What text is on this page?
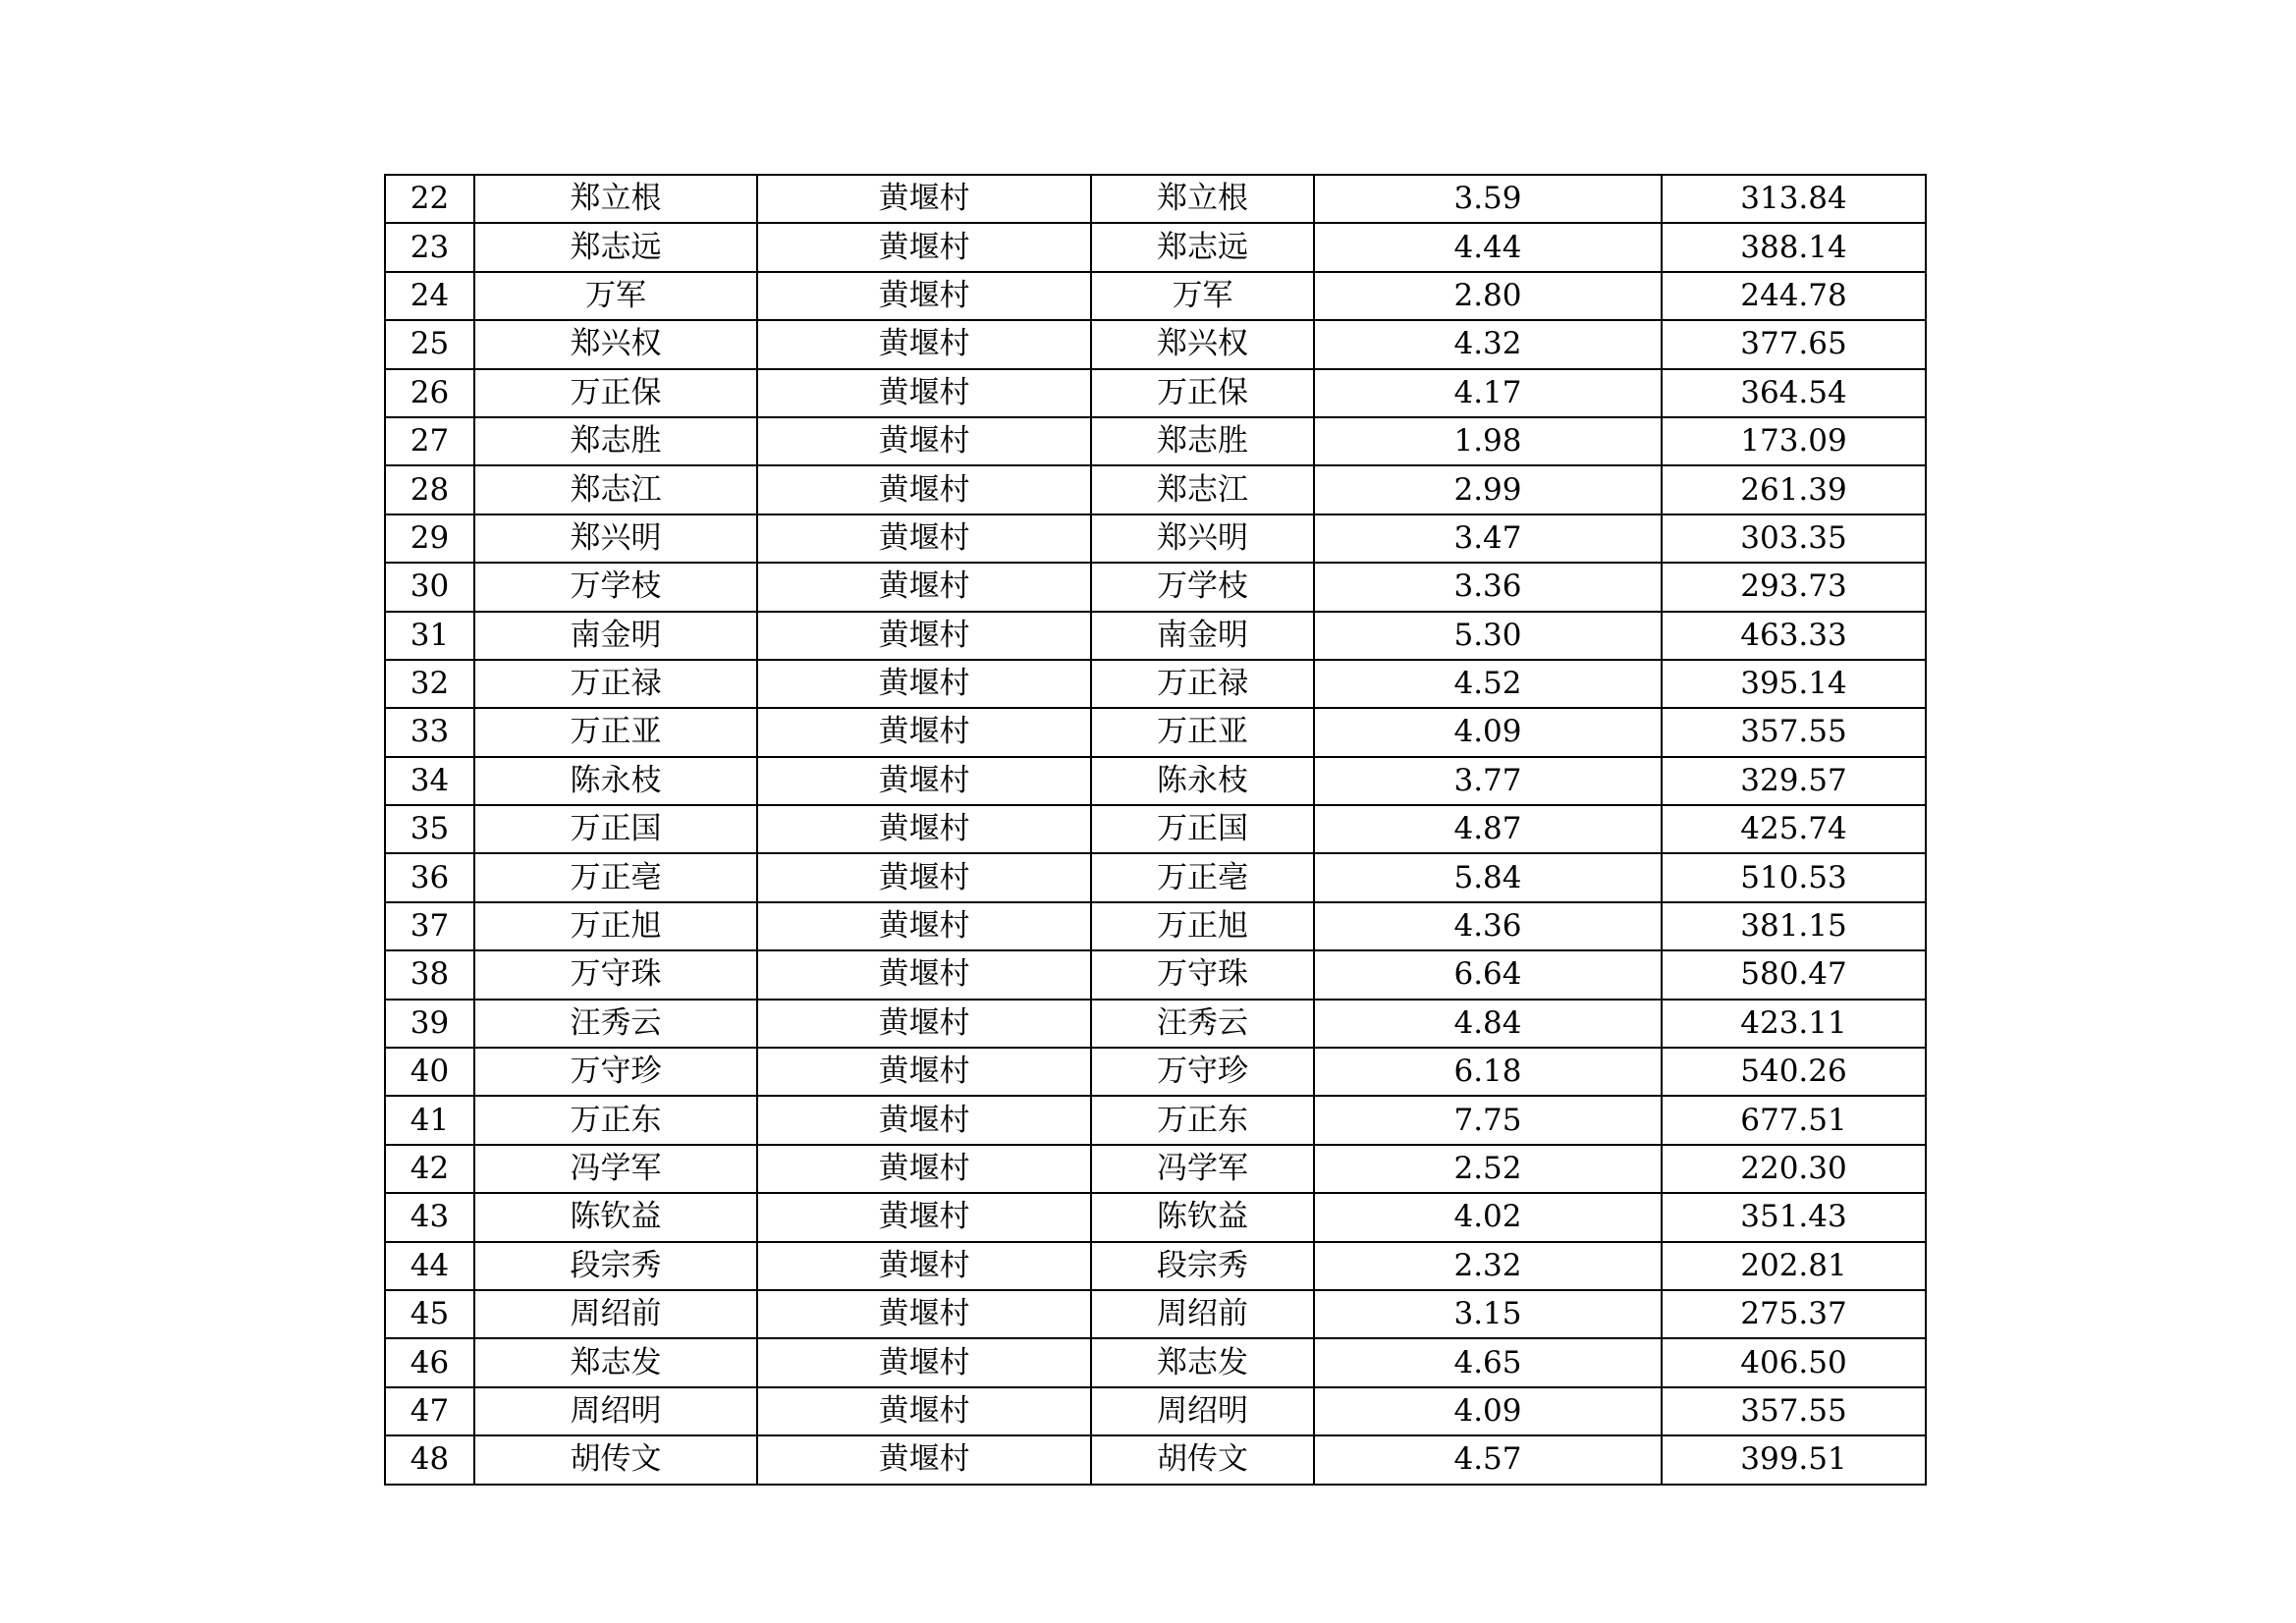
22	郑立根	黄堰村	郑立根	3.59	313.84
23	郑志远	黄堰村	郑志远	4.44	388.14
24	万军	黄堰村	万军	2.80	244.78
25	郑兴权	黄堰村	郑兴权	4.32	377.65
26	万正保	黄堰村	万正保	4.17	364.54
27	郑志胜	黄堰村	郑志胜	1.98	173.09
28	郑志江	黄堰村	郑志江	2.99	261.39
29	郑兴明	黄堰村	郑兴明	3.47	303.35
30	万学枝	黄堰村	万学枝	3.36	293.73
31	南金明	黄堰村	南金明	5.30	463.33
32	万正禄	黄堰村	万正禄	4.52	395.14
33	万正亚	黄堰村	万正亚	4.09	357.55
34	陈永枝	黄堰村	陈永枝	3.77	329.57
35	万正国	黄堰村	万正国	4.87	425.74
36	万正亳	黄堰村	万正亳	5.84	510.53
37	万正旭	黄堰村	万正旭	4.36	381.15
38	万守珠	黄堰村	万守珠	6.64	580.47
39	汪秀云	黄堰村	汪秀云	4.84	423.11
40	万守珍	黄堰村	万守珍	6.18	540.26
41	万正东	黄堰村	万正东	7.75	677.51
42	冯学军	黄堰村	冯学军	2.52	220.30
43	陈钦益	黄堰村	陈钦益	4.02	351.43
44	段宗秀	黄堰村	段宗秀	2.32	202.81
45	周绍前	黄堰村	周绍前	3.15	275.37
46	郑志发	黄堰村	郑志发	4.65	406.50
47	周绍明	黄堰村	周绍明	4.09	357.55
48	胡传文	黄堰村	胡传文	4.57	399.51
